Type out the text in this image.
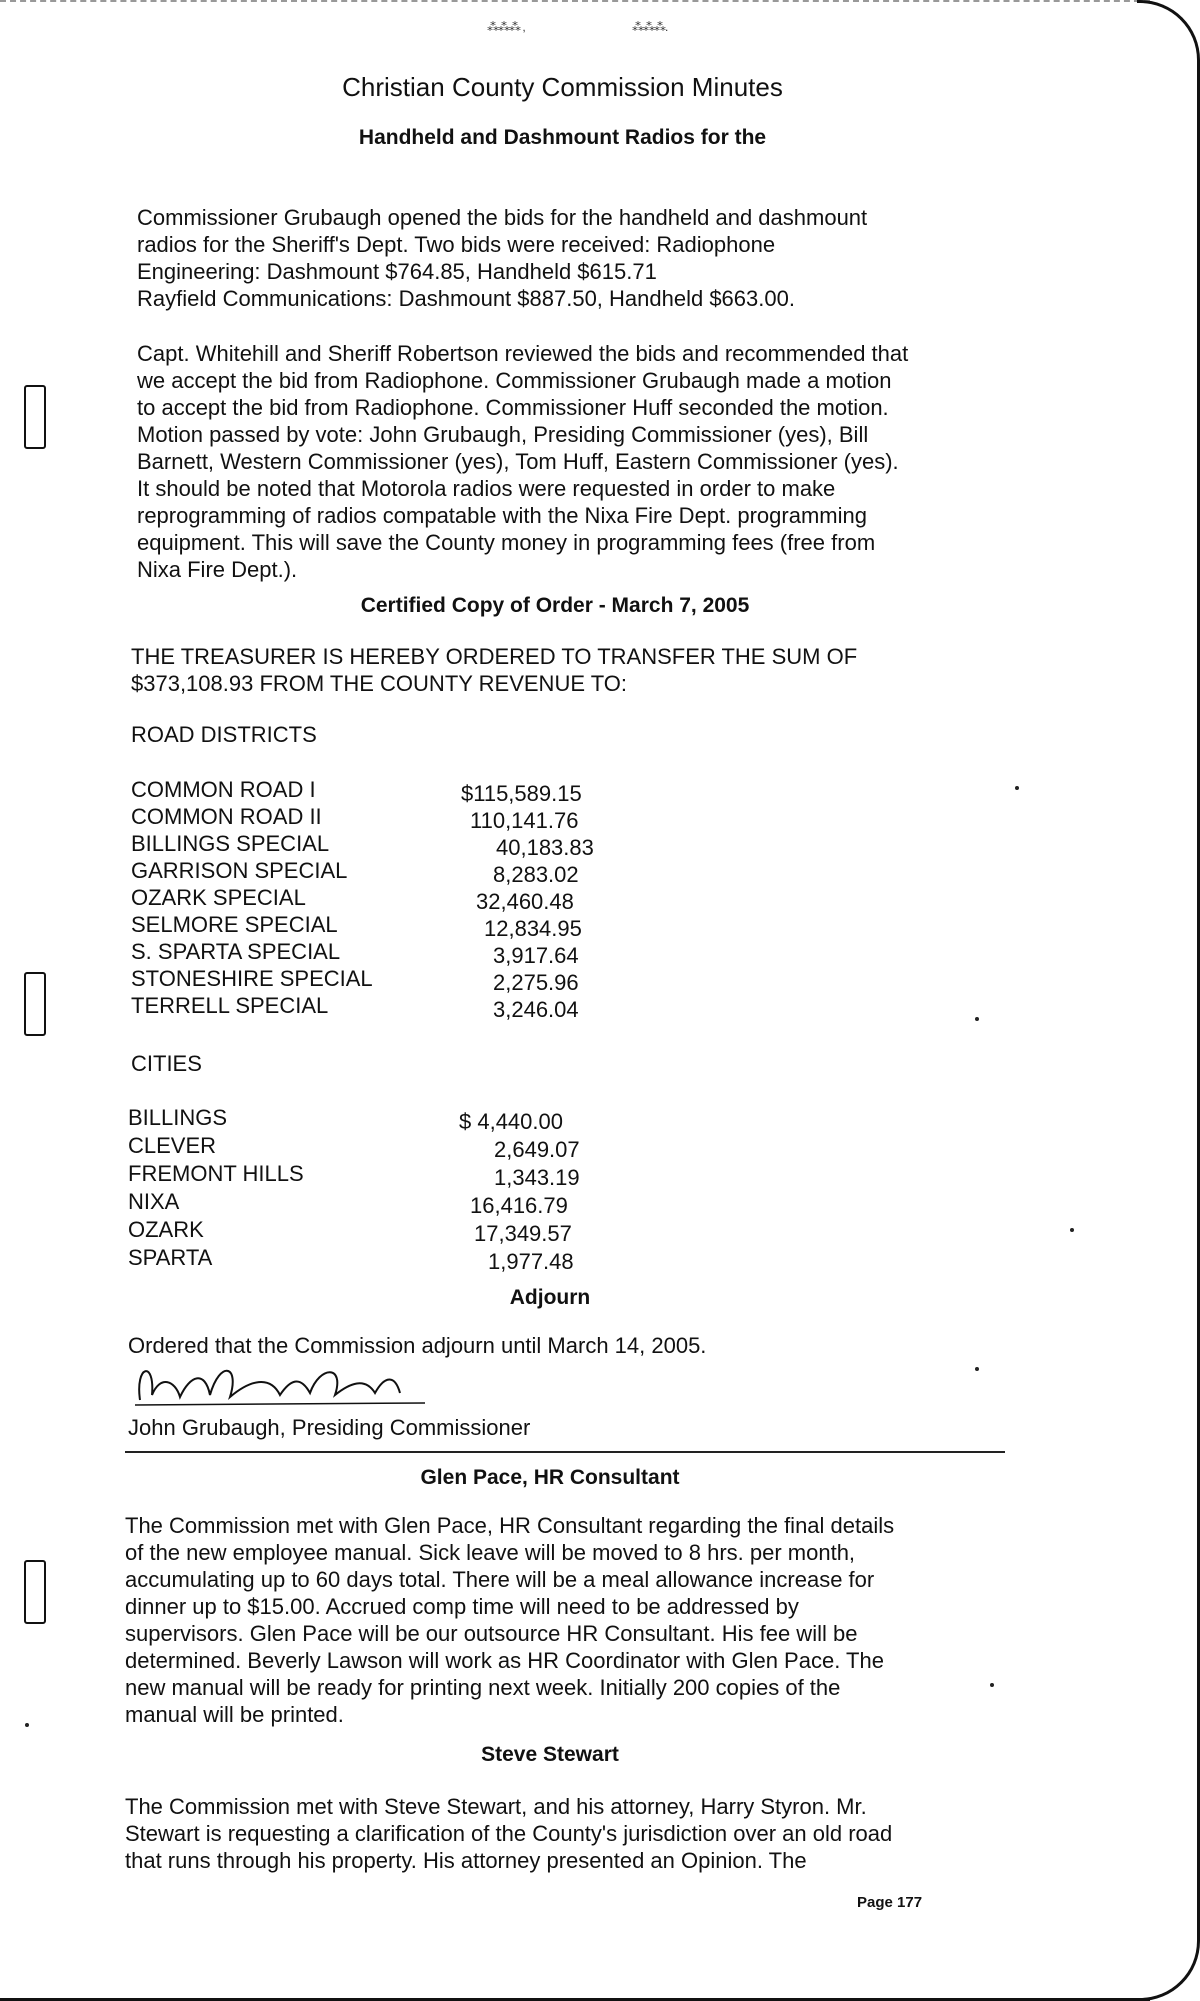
⁂⁂⁂ ,	⁂⁂⁂.
Christian County Commission Minutes
Handheld and Dashmount Radios for the

Commissioner Grubaugh opened the bids for the handheld and dashmount

radios for the Sheriff's Dept. Two bids were received: Radiophone

Engineering: Dashmount $764.85, Handheld $615.71

Rayfield Communications: Dashmount $887.50, Handheld $663.00.

Capt. Whitehill and Sheriff Robertson reviewed the bids and recommended that

we accept the bid from Radiophone. Commissioner Grubaugh made a motion

to accept the bid from Radiophone. Commissioner Huff seconded the motion.

Motion passed by vote: John Grubaugh, Presiding Commissioner (yes), Bill

Barnett, Western Commissioner (yes), Tom Huff, Eastern Commissioner (yes).

It should be noted that Motorola radios were requested in order to make

reprogramming of radios compatable with the Nixa Fire Dept. programming

equipment. This will save the County money in programming fees (free from

Nixa Fire Dept.).

Certified Copy of Order - March 7, 2005

THE TREASURER IS HEREBY ORDERED TO TRANSFER THE SUM OF

$373,108.93 FROM THE COUNTY REVENUE TO:

ROAD DISTRICTS
COMMON ROAD I	$115,589.15
COMMON ROAD II	110,141.76
BILLINGS SPECIAL	40,183.83
GARRISON SPECIAL	8,283.02
OZARK SPECIAL	32,460.48
SELMORE SPECIAL	12,834.95
S. SPARTA SPECIAL	3,917.64
STONESHIRE SPECIAL	2,275.96
TERRELL SPECIAL	3,246.04
CITIES
BILLINGS	$ 4,440.00
CLEVER	2,649.07
FREMONT HILLS	1,343.19
NIXA	16,416.79
OZARK	17,349.57
SPARTA	1,977.48
Adjourn
Ordered that the Commission adjourn until March 14, 2005.
John Grubaugh, Presiding Commissioner
Glen Pace, HR Consultant

The Commission met with Glen Pace, HR Consultant regarding the final details

of the new employee manual. Sick leave will be moved to 8 hrs. per month,

accumulating up to 60 days total. There will be a meal allowance increase for

dinner up to $15.00. Accrued comp time will need to be addressed by

supervisors. Glen Pace will be our outsource HR Consultant. His fee will be

determined. Beverly Lawson will work as HR Coordinator with Glen Pace. The

new manual will be ready for printing next week. Initially 200 copies of the

manual will be printed.

Steve Stewart

The Commission met with Steve Stewart, and his attorney, Harry Styron. Mr.

Stewart is requesting a clarification of the County's jurisdiction over an old road

that runs through his property. His attorney presented an Opinion. The

Page 177
